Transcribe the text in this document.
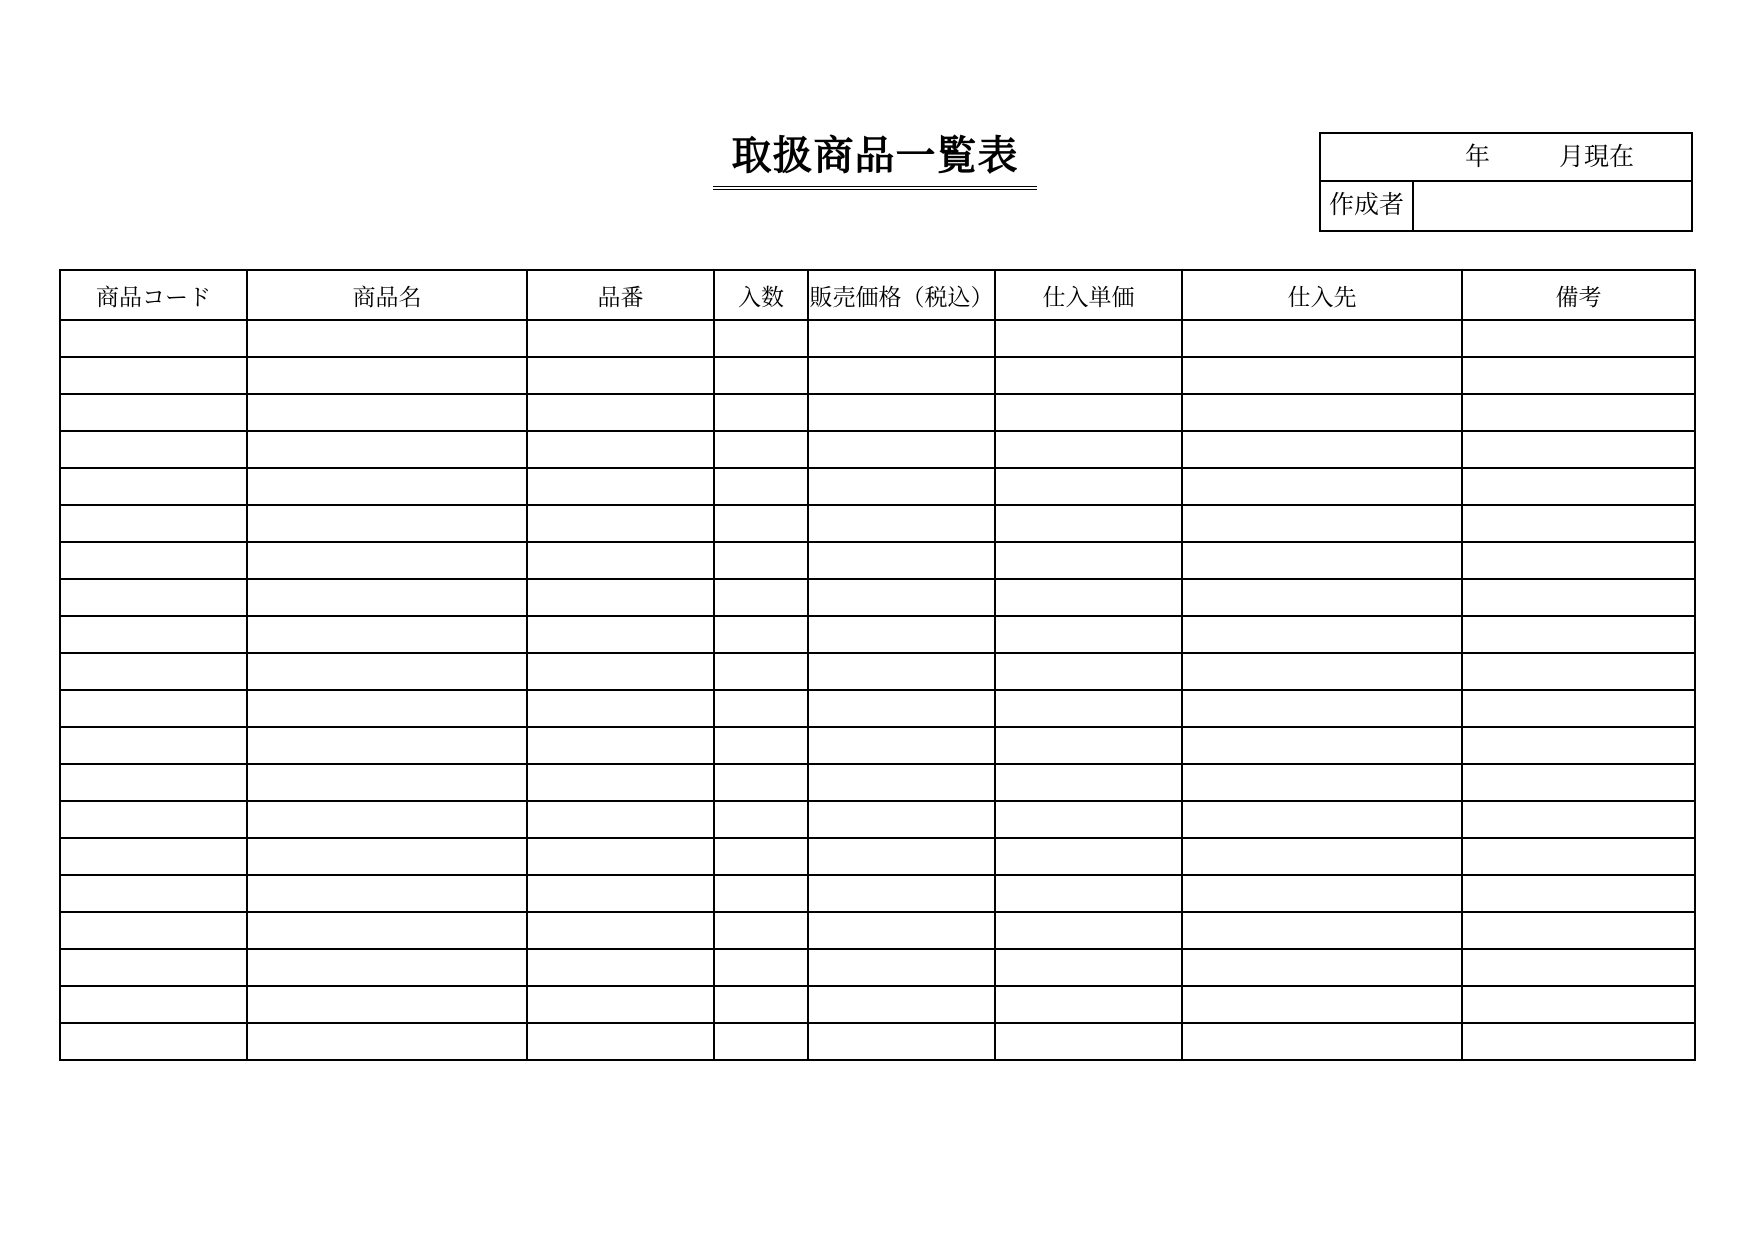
取扱商品一覧表	年	月現在
作成者
商品コード	商品名	品番	入数	販売価格（税込）	仕入単価	仕入先	備考
